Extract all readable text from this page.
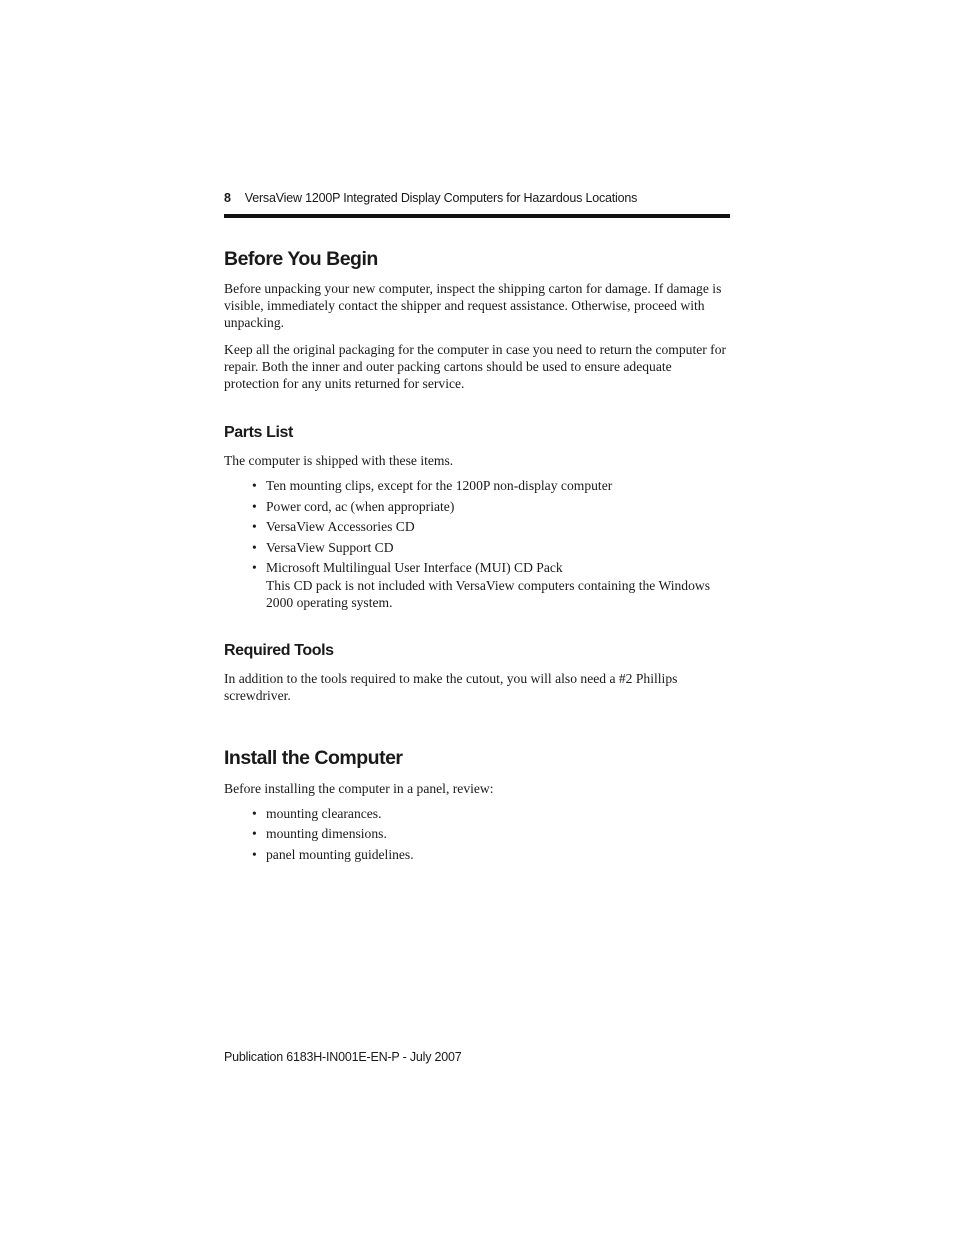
8 VersaView 1200P Integrated Display Computers for Hazardous Locations
Before You Begin

Before unpacking your new computer, inspect the shipping carton for damage. If damage is visible, immediately contact the shipper and request assistance. Otherwise, proceed with unpacking.

Keep all the original packaging for the computer in case you need to return the computer for repair. Both the inner and outer packing cartons should be used to ensure adequate protection for any units returned for service.

Parts List

The computer is shipped with these items.

• Ten mounting clips, except for the 1200P non-display computer
• Power cord, ac (when appropriate)
• VersaView Accessories CD
• VersaView Support CD
• Microsoft Multilingual User Interface (MUI) CD Pack
This CD pack is not included with VersaView computers containing the Windows 2000 operating system.
Required Tools

In addition to the tools required to make the cutout, you will also need a #2 Phillips screwdriver.

Install the Computer

Before installing the computer in a panel, review:

• mounting clearances.
• mounting dimensions.
• panel mounting guidelines.
Publication 6183H-IN001E-EN-P - July 2007
